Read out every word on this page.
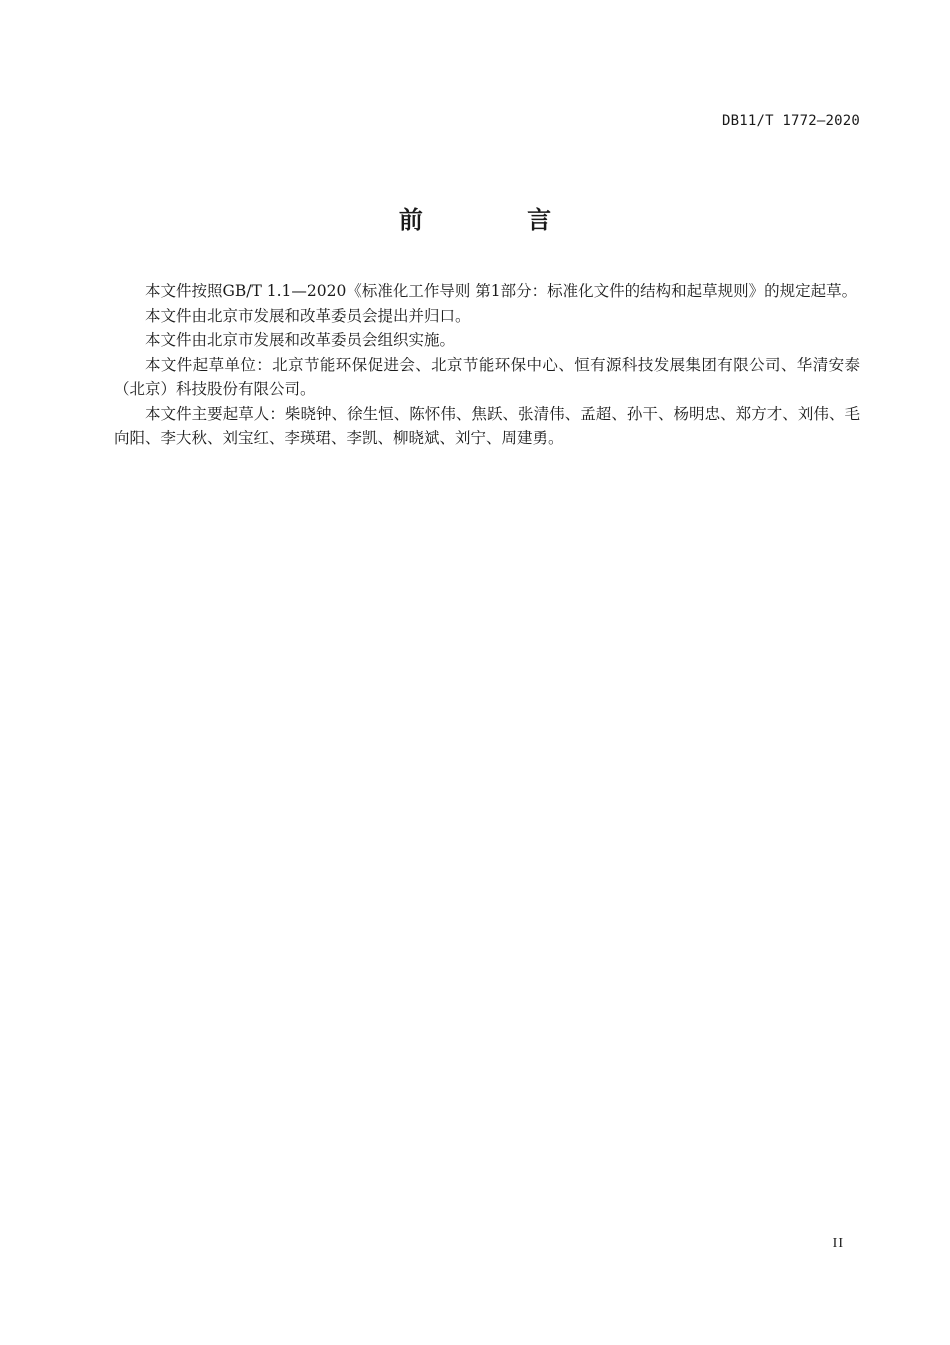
DB11/T 1772—2020
前 言

本文件按照GB/T 1.1—2020《标准化工作导则 第1部分：标准化文件的结构和起草规则》的规定起草。

本文件由北京市发展和改革委员会提出并归口。

本文件由北京市发展和改革委员会组织实施。

本文件起草单位：北京节能环保促进会、北京节能环保中心、恒有源科技发展集团有限公司、华清安泰（北京）科技股份有限公司。

本文件主要起草人：柴晓钟、徐生恒、陈怀伟、焦跃、张清伟、孟超、孙干、杨明忠、郑方才、刘伟、毛向阳、李大秋、刘宝红、李瑛珺、李凯、柳晓斌、刘宁、周建勇。

II
